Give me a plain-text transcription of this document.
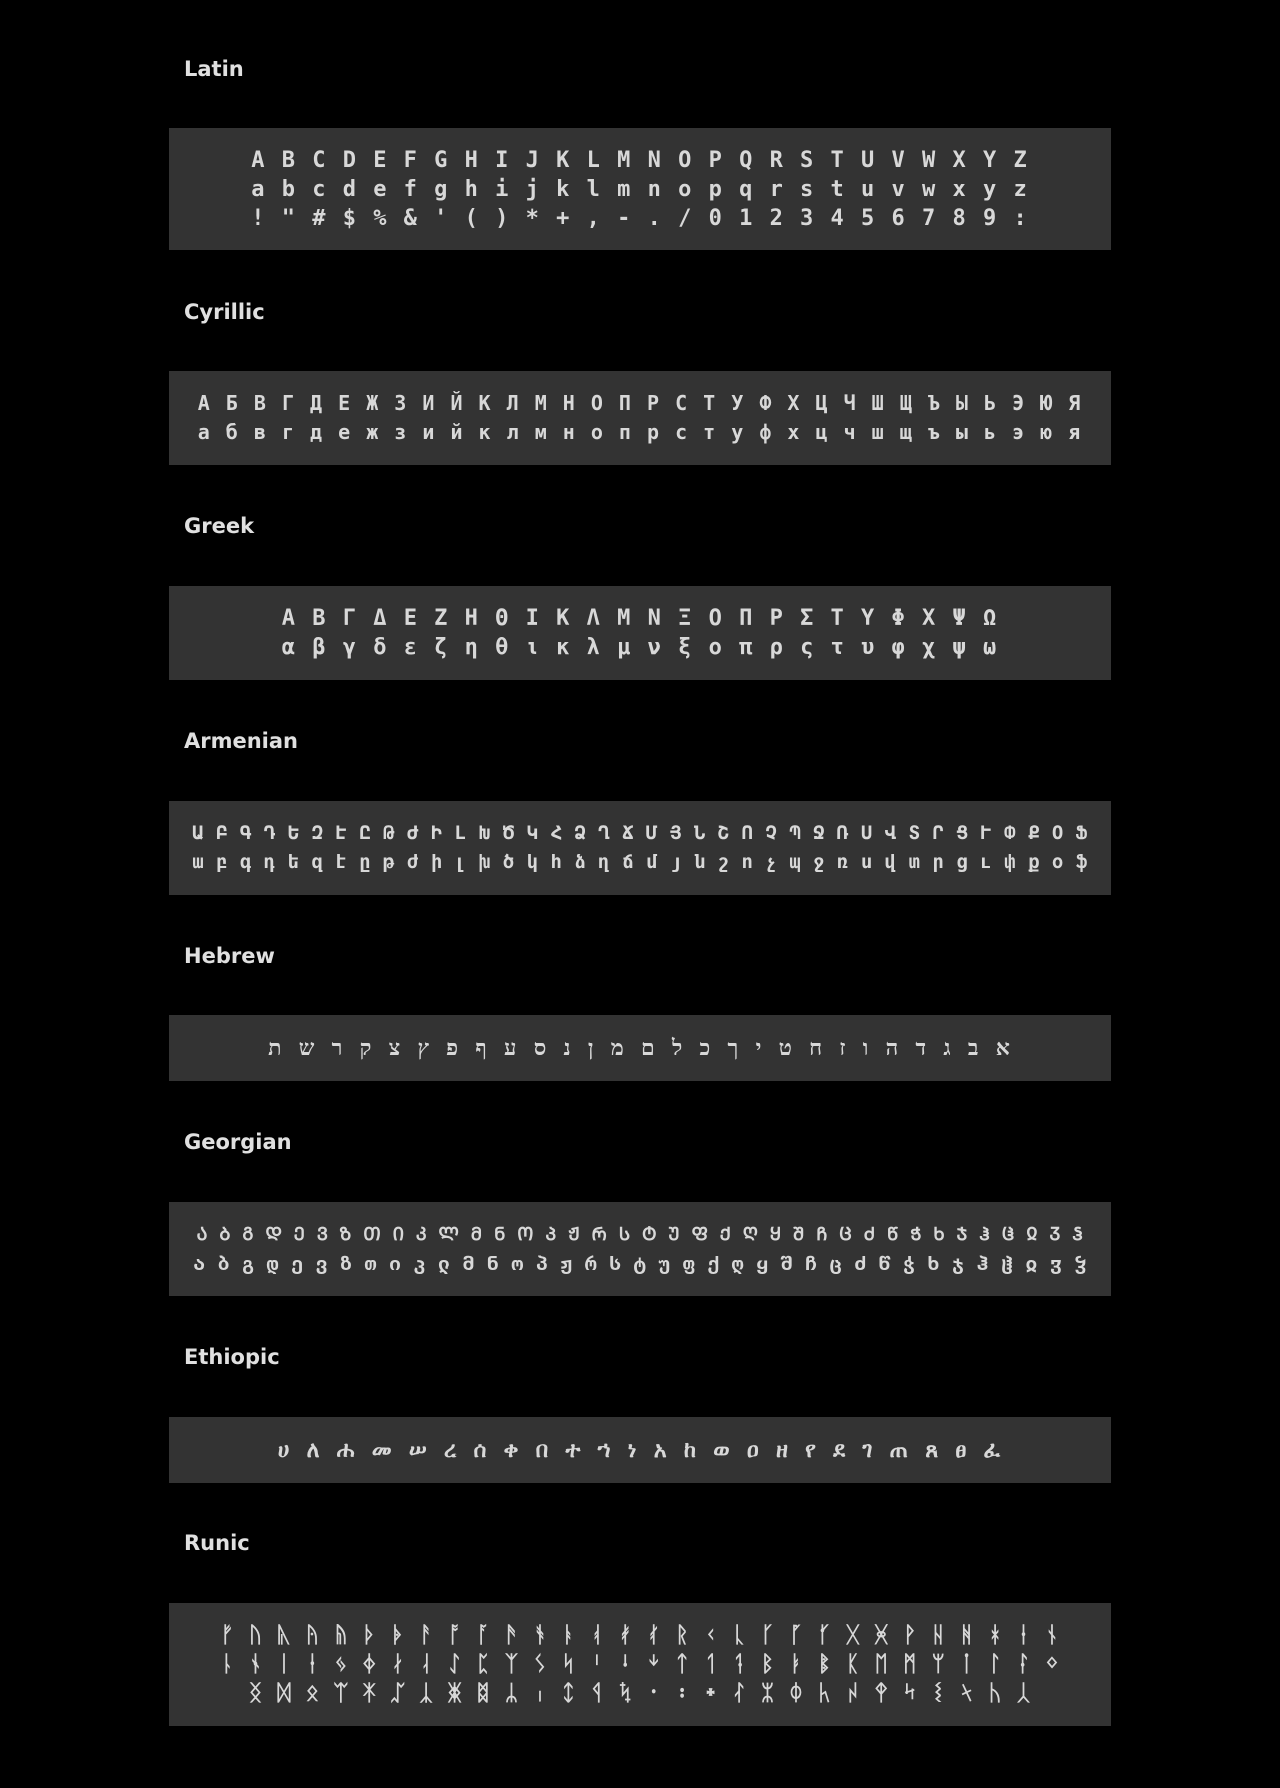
Latin
A B C D E F G H I J K L M N O P Q R S T U V W X Y Z
a b c d e f g h i j k l m n o p q r s t u v w x y z
! " # $ % & ' ( ) * + , - . / 0 1 2 3 4 5 6 7 8 9 :
Cyrillic
А Б В Г Д Е Ж З И Й К Л М Н О П Р С Т У Ф Х Ц Ч Ш Щ Ъ Ы Ь Э Ю Я
а б в г д е ж з и й к л м н о п р с т у ф х ц ч ш щ ъ ы ь э ю я
Greek
Α Β Γ Δ Ε Ζ Η Θ Ι Κ Λ Μ Ν Ξ Ο Π Ρ Σ Τ Υ Φ Χ Ψ Ω
α β γ δ ε ζ η θ ι κ λ μ ν ξ ο π ρ ς τ υ φ χ ψ ω
Armenian
Ա Բ Գ Դ Ե Զ Է Ը Թ Ժ Ի Լ Խ Ծ Կ Հ Ձ Ղ Ճ Մ Յ Ն Շ Ո Չ Պ Ջ Ռ Ս Վ Տ Ր Ց Ւ Փ Ք Օ Ֆ
ա բ գ դ ե զ է ը թ ժ ի լ խ ծ կ հ ձ ղ ճ մ յ ն շ ո չ պ ջ ռ ս վ տ ր ց ւ փ ք օ ֆ
Hebrew
א ב ג ד ה ו ז ח ט י ך כ ל ם מ ן נ ס ע ף פ ץ צ ק ר ש ת
Georgian
Ა Ბ Გ Დ Ე Ვ Ზ Თ Ი Კ Ლ Მ Ნ Ო Პ Ჟ Რ Ს Ტ Უ Ფ Ქ Ღ Ყ Შ Ჩ Ც Ძ Წ Ჭ Ხ Ჯ Ჰ Ჱ Ჲ Ჳ Ჴ
ა ბ გ დ ე ვ ზ თ ი კ ლ მ ნ ო პ ჟ რ ს ტ უ ფ ქ ღ ყ შ ჩ ც ძ წ ჭ ხ ჯ ჰ ჱ ჲ ჳ ჴ
Ethiopic
ሀ ለ ሐ መ ሠ ረ ሰ ቀ በ ተ ኀ ነ አ ከ ወ ዐ ዘ የ ደ ገ ጠ ጸ ፀ ፈ
Runic
ᚠ ᚢ ᚣ ᚤ ᚥ ᚦ ᚧ ᚨ ᚩ ᚪ ᚫ ᚬ ᚭ ᚮ ᚯ ᚰ ᚱ ᚲ ᚳ ᚴ ᚵ ᚶ ᚷ ᚸ ᚹ ᚺ ᚻ ᚼ ᚽ ᚾ
ᚿ ᛀ ᛁ ᛂ ᛃ ᛄ ᛅ ᛆ ᛇ ᛈ ᛉ ᛊ ᛋ ᛌ ᛍ ᛎ ᛏ ᛐ ᛑ ᛒ ᛓ ᛔ ᛕ ᛖ ᛗ ᛘ ᛙ ᛚ ᛛ ᛜ
ᛝ ᛞ ᛟ ᛠ ᛡ ᛢ ᛣ ᛤ ᛥ ᛦ ᛧ ᛨ ᛩ ᛪ ᛫ ᛬ ᛭ ᛮ ᛯ ᛰ ᛱ ᛲ ᛳ ᛴ ᛵ ᛶ ᛷ ᛸ
